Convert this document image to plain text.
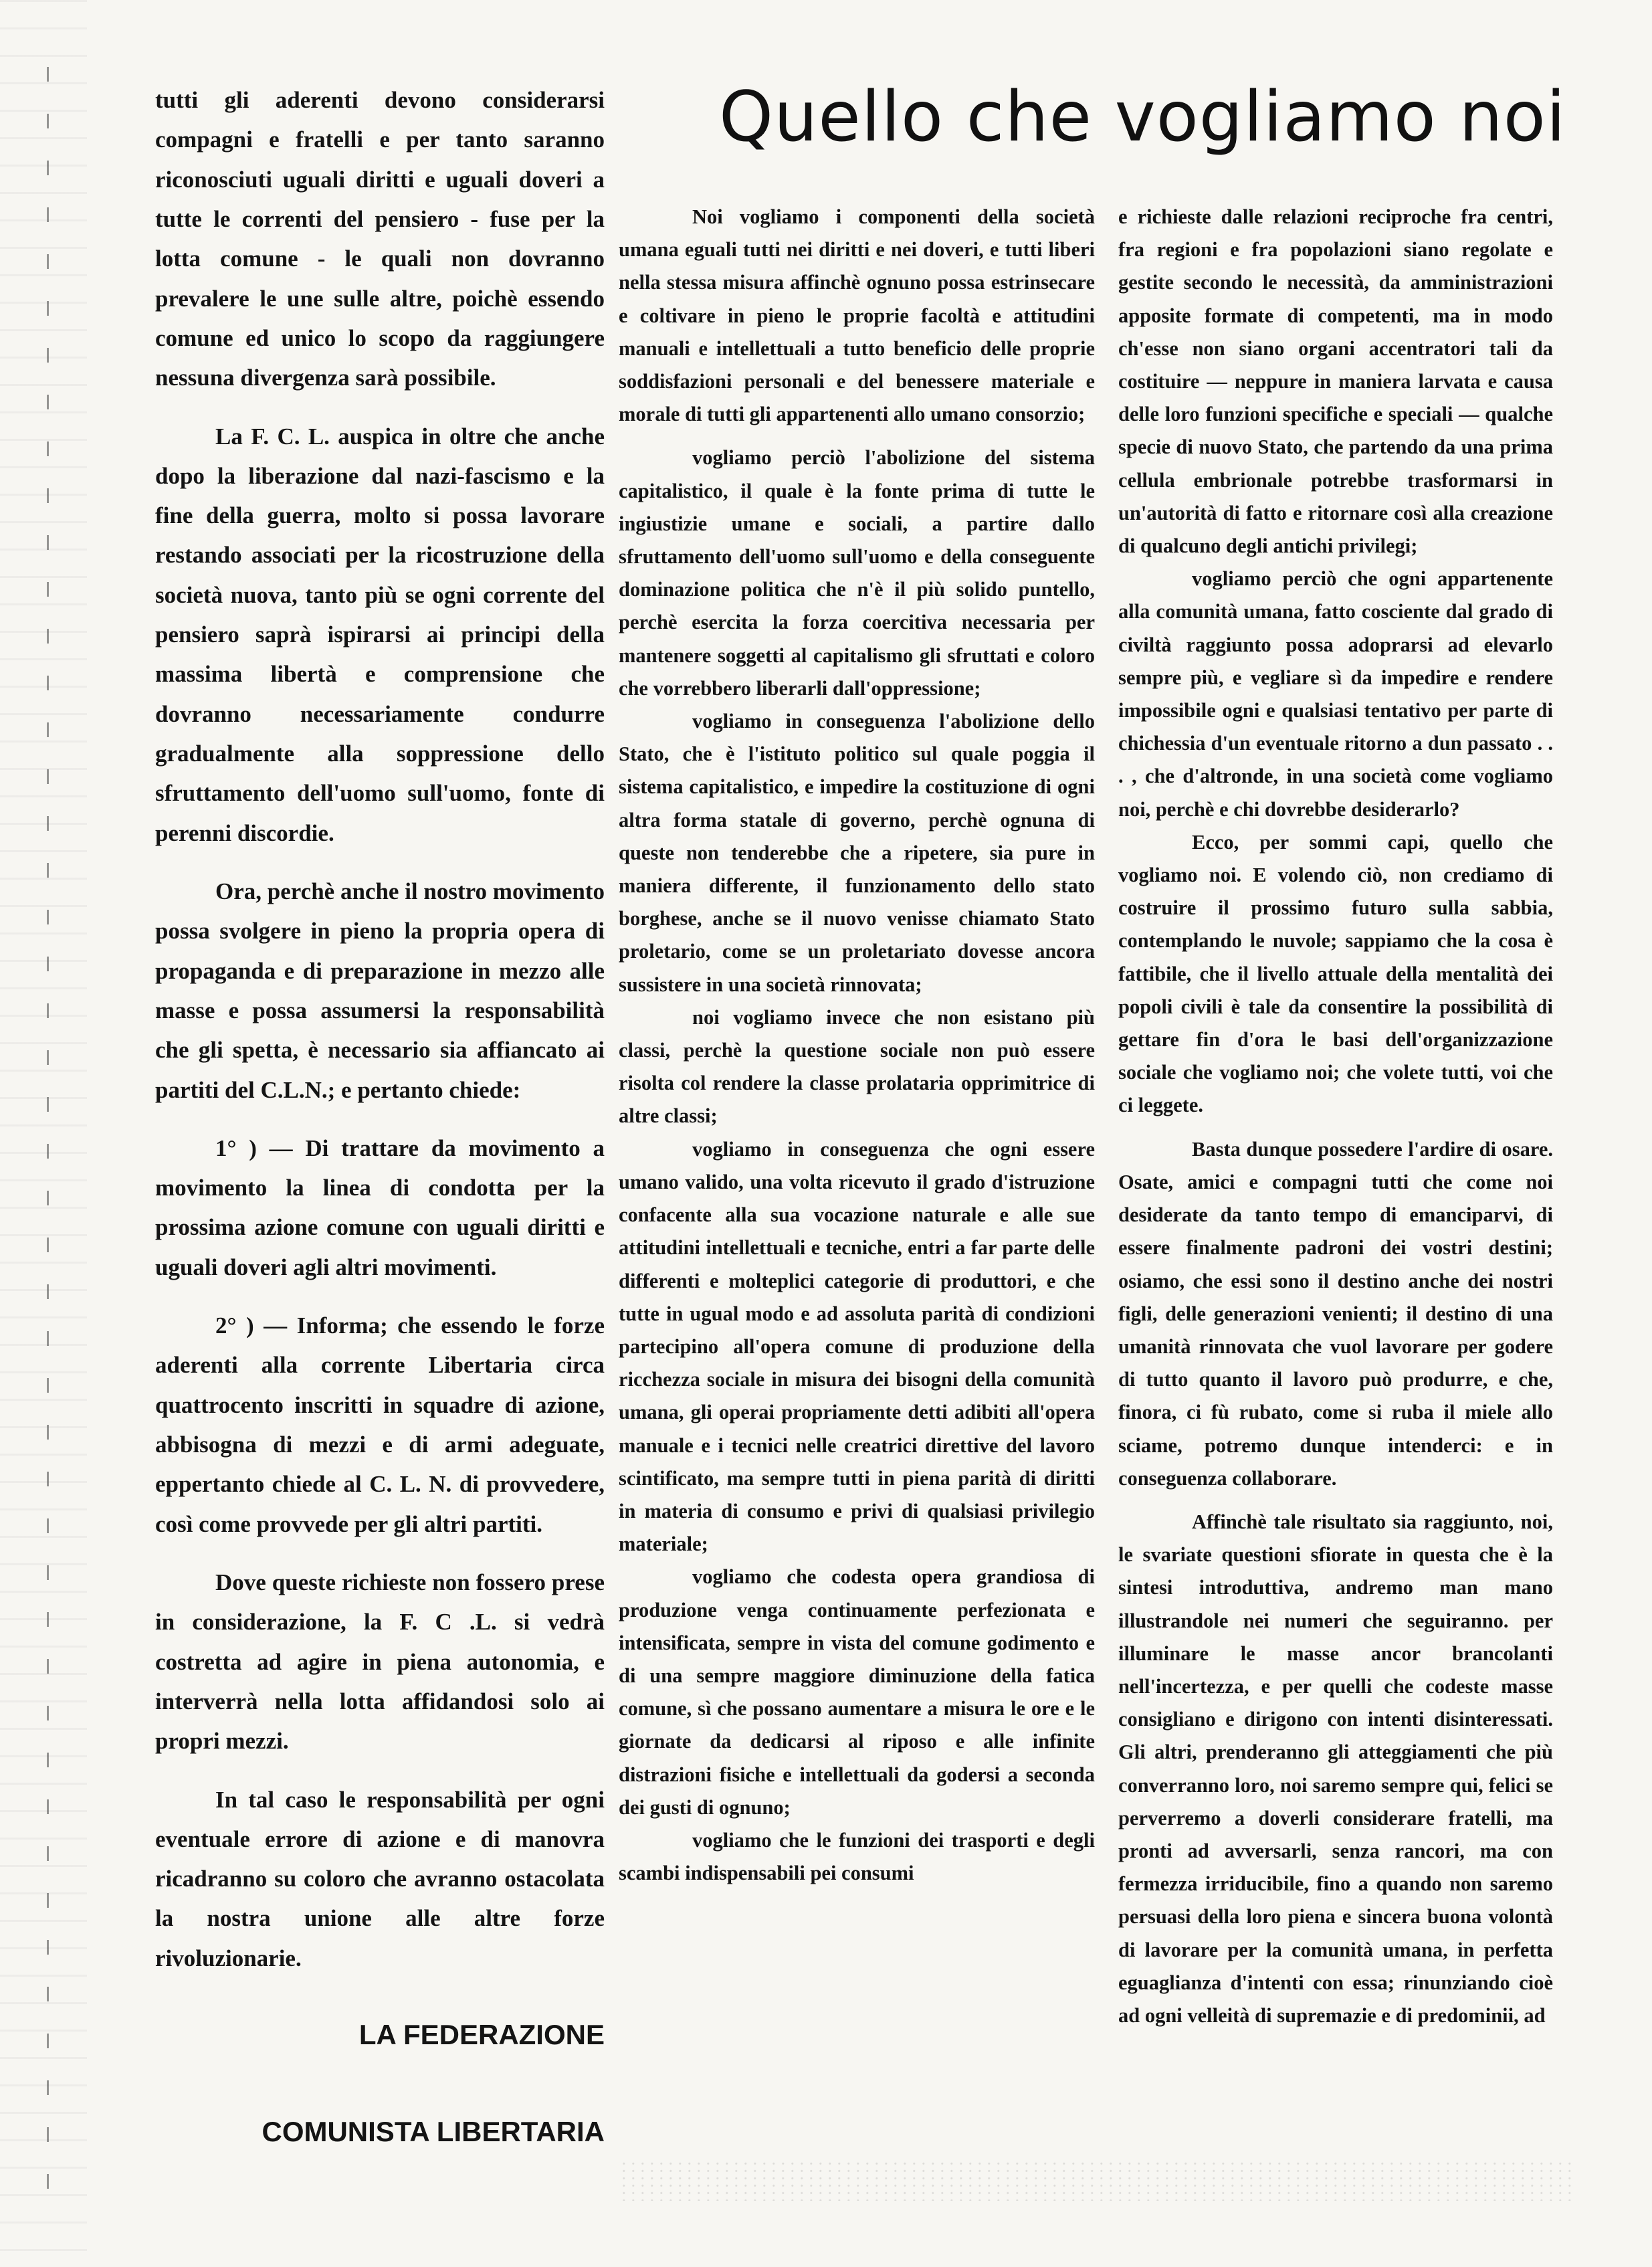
tutti gli aderenti devono considerarsi compagni e fratelli e per tanto saranno riconosciuti uguali diritti e uguali doveri a tutte le correnti del pensiero - fuse per la lotta comune - le quali non dovranno prevalere le une sulle altre, poichè essendo comune ed unico lo scopo da raggiungere nessuna divergenza sarà possibile.

La F. C. L. auspica in oltre che anche dopo la liberazione dal nazi-fascismo e la fine della guerra, molto si possa lavorare restando associati per la ricostruzione della società nuova, tanto più se ogni corrente del pensiero saprà ispirarsi ai principi della massima libertà e comprensione che dovranno necessariamente condurre gradualmente alla soppressione dello sfruttamento dell'uomo sull'uomo, fonte di perenni discordie.

Ora, perchè anche il nostro movimento possa svolgere in pieno la propria opera di propaganda e di preparazione in mezzo alle masse e possa assumersi la responsabilità che gli spetta, è necessario sia affiancato ai partiti del C.L.N.; e pertanto chiede:

1° ) — Di trattare da movimento a movimento la linea di condotta per la prossima azione comune con uguali diritti e uguali doveri agli altri movimenti.

2° ) — Informa; che essendo le forze aderenti alla corrente Libertaria circa quattrocento inscritti in squadre di azione, abbisogna di mezzi e di armi adeguate, eppertanto chiede al C. L. N. di provvedere, così come provvede per gli altri partiti.

Dove queste richieste non fossero prese in considerazione, la F. C .L. si vedrà costretta ad agire in piena autonomia, e interverrà nella lotta affidandosi solo ai propri mezzi.

In tal caso le responsabilità per ogni eventuale errore di azione e di manovra ricadranno su coloro che avranno ostacolata la nostra unione alle altre forze rivoluzionarie.

LA FEDERAZIONE

COMUNISTA LIBERTARIA

Quello che vogliamo noi

Noi vogliamo i componenti della società umana eguali tutti nei diritti e nei doveri, e tutti liberi nella stessa misura affinchè ognuno possa estrinsecare e coltivare in pieno le proprie facoltà e attitudini manuali e intellettuali a tutto beneficio delle proprie soddisfazioni personali e del benessere materiale e morale di tutti gli appartenenti allo umano consorzio;

vogliamo perciò l'abolizione del sistema capitalistico, il quale è la fonte prima di tutte le ingiustizie umane e sociali, a partire dallo sfruttamento dell'uomo sull'uomo e della conseguente dominazione politica che n'è il più solido puntello, perchè esercita la forza coercitiva necessaria per mantenere soggetti al capitalismo gli sfruttati e coloro che vorrebbero liberarli dall'oppressione;

vogliamo in conseguenza l'abolizione dello Stato, che è l'istituto politico sul quale poggia il sistema capitalistico, e impedire la costituzione di ogni altra forma statale di governo, perchè ognuna di queste non tenderebbe che a ripetere, sia pure in maniera differente, il funzionamento dello stato borghese, anche se il nuovo venisse chiamato Stato proletario, come se un proletariato dovesse ancora sussistere in una società rinnovata;

noi vogliamo invece che non esistano più classi, perchè la questione sociale non può essere risolta col rendere la classe prolataria opprimitrice di altre classi;

vogliamo in conseguenza che ogni essere umano valido, una volta ricevuto il grado d'istruzione confacente alla sua vocazione naturale e alle sue attitudini intellettuali e tecniche, entri a far parte delle differenti e molteplici categorie di produttori, e che tutte in ugual modo e ad assoluta parità di condizioni partecipino all'opera comune di produzione della ricchezza sociale in misura dei bisogni della comunità umana, gli operai propriamente detti adibiti all'opera manuale e i tecnici nelle creatrici direttive del lavoro scintificato, ma sempre tutti in piena parità di diritti in materia di consumo e privi di qualsiasi privilegio materiale;

vogliamo che codesta opera grandiosa di produzione venga continuamente perfezionata e intensificata, sempre in vista del comune godimento e di una sempre maggiore diminuzione della fatica comune, sì che possano aumentare a misura le ore e le giornate da dedicarsi al riposo e alle infinite distrazioni fisiche e intellettuali da godersi a seconda dei gusti di ognuno;

vogliamo che le funzioni dei trasporti e degli scambi indispensabili pei consumi

e richieste dalle relazioni reciproche fra centri, fra regioni e fra popolazioni siano regolate e gestite secondo le necessità, da amministrazioni apposite formate di competenti, ma in modo ch'esse non siano organi accentratori tali da costituire — neppure in maniera larvata e causa delle loro funzioni specifiche e speciali — qualche specie di nuovo Stato, che partendo da una prima cellula embrionale potrebbe trasformarsi in un'autorità di fatto e ritornare così alla creazione di qualcuno degli antichi privilegi;

vogliamo perciò che ogni appartenente alla comunità umana, fatto cosciente dal grado di civiltà raggiunto possa adoprarsi ad elevarlo sempre più, e vegliare sì da impedire e rendere impossibile ogni e qualsiasi tentativo per parte di chichessia d'un eventuale ritorno a dun passato . . . , che d'altronde, in una società come vogliamo noi, perchè e chi dovrebbe desiderarlo?

Ecco, per sommi capi, quello che vogliamo noi. E volendo ciò, non crediamo di costruire il prossimo futuro sulla sabbia, contemplando le nuvole; sappiamo che la cosa è fattibile, che il livello attuale della mentalità dei popoli civili è tale da consentire la possibilità di gettare fin d'ora le basi dell'organizzazione sociale che vogliamo noi; che volete tutti, voi che ci leggete.

Basta dunque possedere l'ardire di osare. Osate, amici e compagni tutti che come noi desiderate da tanto tempo di emanciparvi, di essere finalmente padroni dei vostri destini; osiamo, che essi sono il destino anche dei nostri figli, delle generazioni venienti; il destino di una umanità rinnovata che vuol lavorare per godere di tutto quanto il lavoro può produrre, e che, finora, ci fù rubato, come si ruba il miele allo sciame, potremo dunque intenderci: e in conseguenza collaborare.

Affinchè tale risultato sia raggiunto, noi, le svariate questioni sfiorate in questa che è la sintesi introduttiva, andremo man mano illustrandole nei numeri che seguiranno. per illuminare le masse ancor brancolanti nell'incertezza, e per quelli che codeste masse consigliano e dirigono con intenti disinteressati. Gli altri, prenderanno gli atteggiamenti che più converranno loro, noi saremo sempre qui, felici se perverremo a doverli considerare fratelli, ma pronti ad avversarli, senza rancori, ma con fermezza irriducibile, fino a quando non saremo persuasi della loro piena e sincera buona volontà di lavorare per la comunità umana, in perfetta eguaglianza d'intenti con essa; rinunziando cioè ad ogni velleità di supremazie e di predominii, ad
